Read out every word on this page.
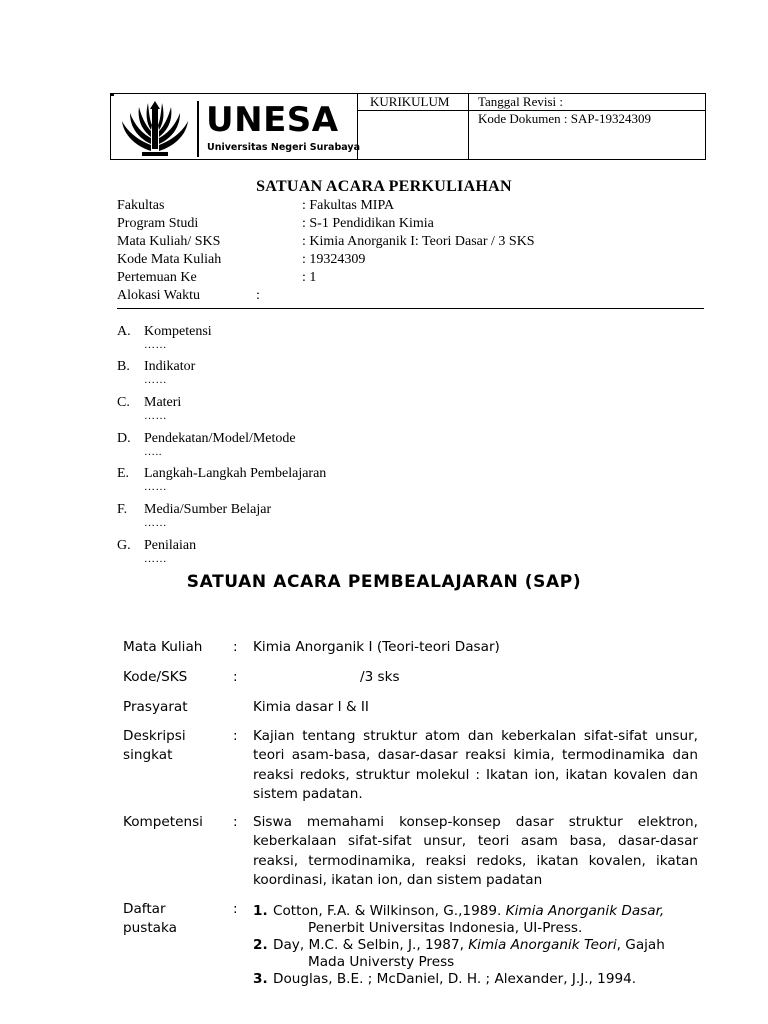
KURIKULUM Tanggal Revisi :
Kode Dokumen : SAP-19324309
UNESA
Universitas Negeri Surabaya
SATUAN ACARA PERKULIAHAN
Fakultas	: Fakultas MIPA
Program Studi	: S-1 Pendidikan Kimia
Mata Kuliah/ SKS	: Kimia Anorganik I: Teori Dasar / 3 SKS
Kode Mata Kuliah	: 19324309
Pertemuan Ke	: 1
Alokasi Waktu	:
A. Kompetensi
……
B. Indikator
……
C. Materi
……
D. Pendekatan/Model/Metode
…..
E. Langkah-Langkah Pembelajaran
……
F. Media/Sumber Belajar
……
G. Penilaian
……
SATUAN ACARA PEMBEALAJARAN (SAP)
Mata Kuliah : Kimia Anorganik I (Teori-teori Dasar)
Kode/SKS	:	/3 sks
Prasyarat	Kimia dasar I & II
Deskripsi
singkat
: Kajian tentang struktur atom dan keberkalan sifat-sifat unsur, teori asam-basa, dasar-dasar reaksi kimia, termodinamika dan reaksi redoks, struktur molekul : Ikatan ion, ikatan kovalen dan sistem padatan.
Kompetensi : Siswa memahami konsep-konsep dasar struktur elektron, keberkalaan sifat-sifat unsur, teori asam basa, dasar-dasar reaksi, termodinamika, reaksi redoks, ikatan kovalen, ikatan koordinasi, ikatan ion, dan sistem padatan
Daftar
pustaka
: 1. Cotton, F.A. & Wilkinson, G.,1989. Kimia Anorganik Dasar,
Penerbit Universitas Indonesia, UI-Press.
2. Day, M.C. & Selbin, J., 1987, Kimia Anorganik Teori, Gajah
Mada Universty Press
3. Douglas, B.E. ; McDaniel, D. H. ; Alexander, J.J., 1994.
